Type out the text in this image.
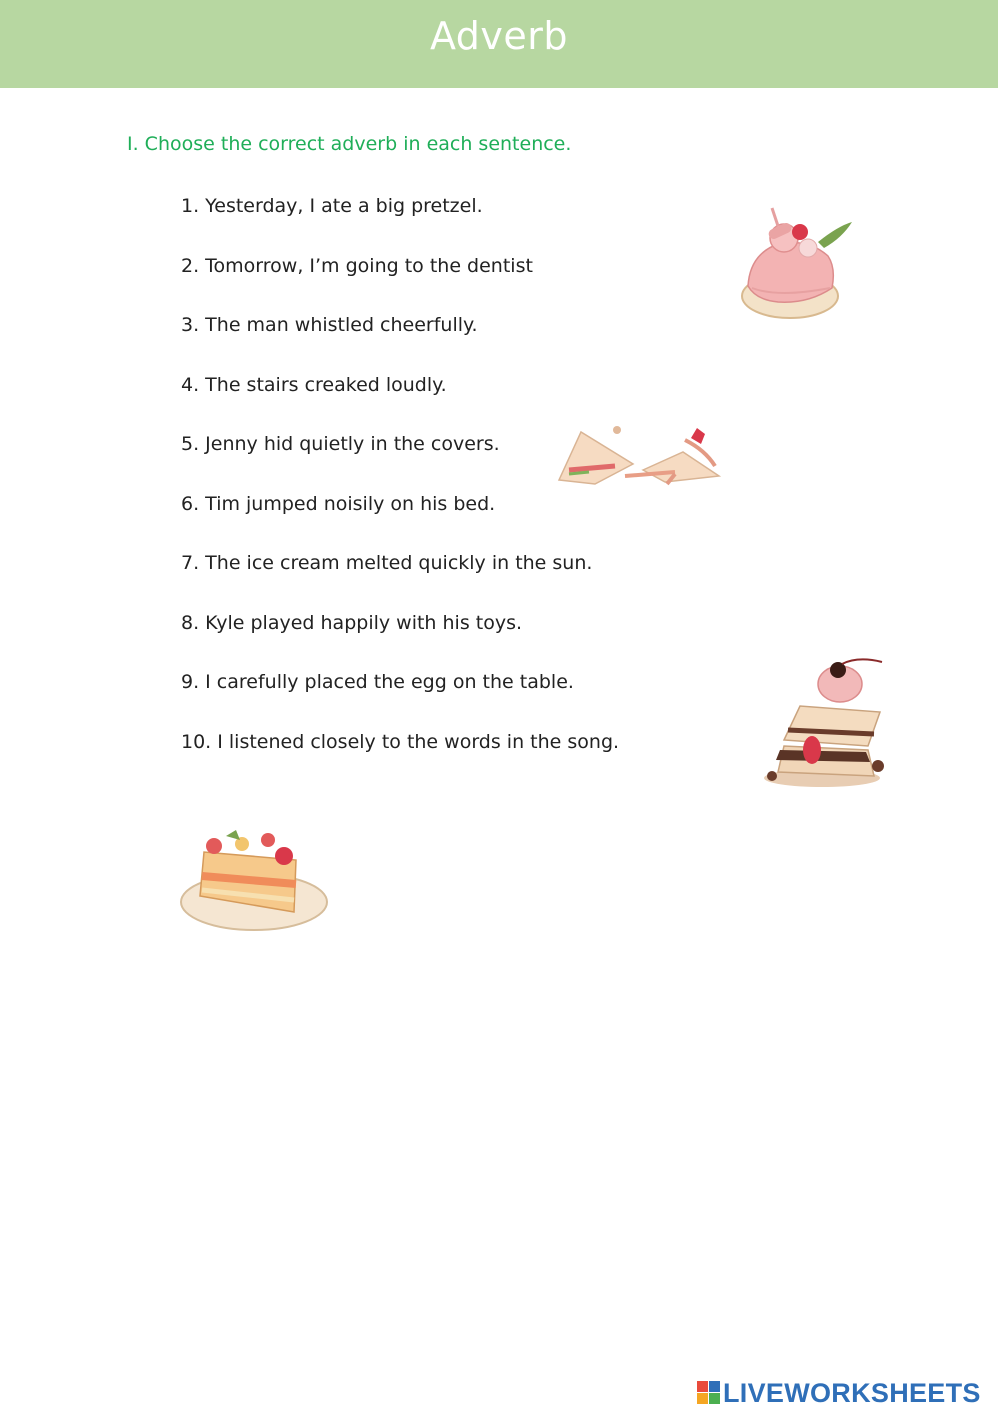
Adverb
I. Choose the correct adverb in each sentence.
1. Yesterday, I ate a big pretzel.
2. Tomorrow, I’m going to the dentist
3. The man whistled cheerfully.
4. The stairs creaked loudly.
5. Jenny hid quietly in the covers.
6. Tim jumped noisily on his bed.
7. The ice cream melted quickly in the sun.
8. Kyle played happily with his toys.
9. I carefully placed the egg on the table.
10. I listened closely to the words in the song.
LIVEWORKSHEETS
